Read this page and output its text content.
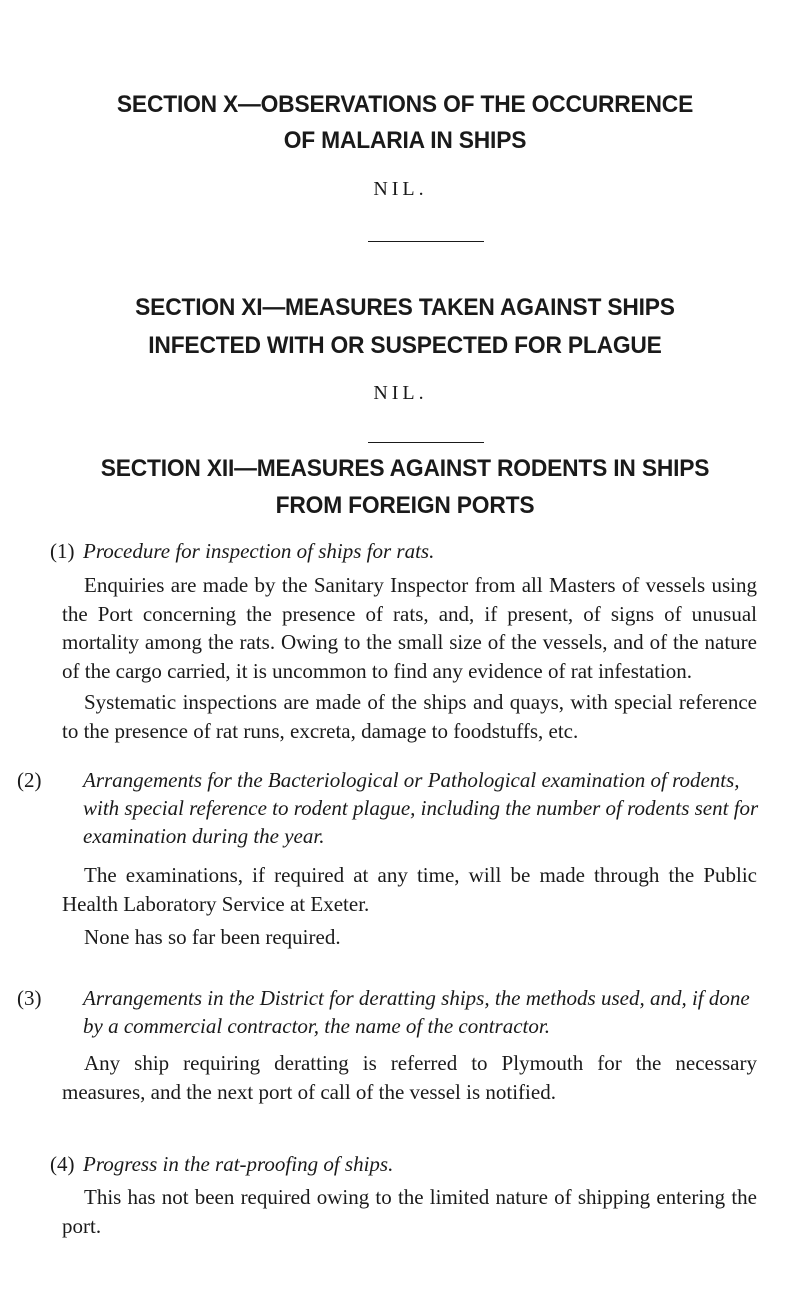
SECTION X—OBSERVATIONS OF THE OCCURRENCE
OF MALARIA IN SHIPS

NIL.

SECTION XI—MEASURES TAKEN AGAINST SHIPS
INFECTED WITH OR SUSPECTED FOR PLAGUE

NIL.

SECTION XII—MEASURES AGAINST RODENTS IN SHIPS
FROM FOREIGN PORTS

(1) Procedure for inspection of ships for rats.

Enquiries are made by the Sanitary Inspector from all Masters of vessels using the Port concerning the presence of rats, and, if present, of signs of unusual mortality among the rats. Owing to the small size of the vessels, and of the nature of the cargo carried, it is uncommon to find any evidence of rat infestation.

Systematic inspections are made of the ships and quays, with special reference to the presence of rat runs, excreta, damage to foodstuffs, etc.

(2) Arrangements for the Bacteriological or Pathological examination of rodents, with special reference to rodent plague, including the number of rodents sent for examination during the year.

The examinations, if required at any time, will be made through the Public Health Laboratory Service at Exeter.

None has so far been required.

(3) Arrangements in the District for deratting ships, the methods used, and, if done by a commercial contractor, the name of the contractor.

Any ship requiring deratting is referred to Plymouth for the necessary measures, and the next port of call of the vessel is notified.

(4) Progress in the rat-proofing of ships.

This has not been required owing to the limited nature of shipping entering the port.
